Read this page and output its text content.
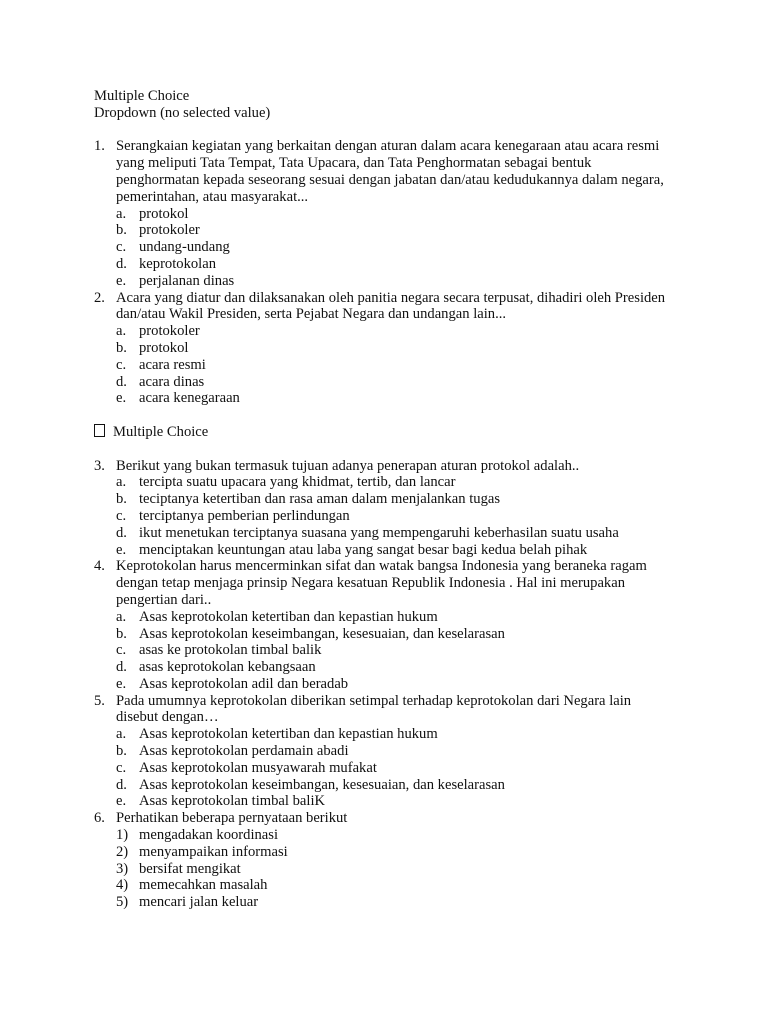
Multiple Choice
Dropdown (no selected value)
1. Serangkaian kegiatan yang berkaitan dengan aturan dalam acara kenegaraan atau acara resmi yang meliputi Tata Tempat, Tata Upacara, dan Tata Penghormatan sebagai bentuk penghormatan kepada seseorang sesuai dengan jabatan dan/atau kedudukannya dalam negara, pemerintahan, atau masyarakat...
a. protokol
b. protokoler
c. undang-undang
d. keprotokolan
e. perjalanan dinas
2. Acara yang diatur dan dilaksanakan oleh panitia negara secara terpusat, dihadiri oleh Presiden dan/atau Wakil Presiden, serta Pejabat Negara dan undangan lain...
a. protokoler
b. protokol
c. acara resmi
d. acara dinas
e. acara kenegaraan
Multiple Choice
3. Berikut yang bukan termasuk tujuan adanya penerapan aturan protokol adalah..
a. tercipta suatu upacara yang khidmat, tertib, dan lancar
b. teciptanya ketertiban dan rasa aman dalam menjalankan tugas
c. terciptanya pemberian perlindungan
d. ikut menetukan terciptanya suasana yang mempengaruhi keberhasilan suatu usaha
e. menciptakan keuntungan atau laba yang sangat besar bagi kedua belah pihak
4. Keprotokolan harus mencerminkan sifat dan watak bangsa Indonesia yang beraneka ragam dengan tetap menjaga prinsip Negara kesatuan Republik Indonesia . Hal ini merupakan pengertian dari..
a. Asas keprotokolan ketertiban dan kepastian hukum
b. Asas keprotokolan keseimbangan, kesesuaian, dan keselarasan
c. asas ke protokolan timbal balik
d. asas keprotokolan kebangsaan
e. Asas keprotokolan adil dan beradab
5. Pada umumnya keprotokolan diberikan setimpal terhadap keprotokolan dari Negara lain disebut dengan…
a. Asas keprotokolan ketertiban dan kepastian hukum
b. Asas keprotokolan perdamain abadi
c. Asas keprotokolan musyawarah mufakat
d. Asas keprotokolan keseimbangan, kesesuaian, dan keselarasan
e. Asas keprotokolan timbal baliK
6. Perhatikan beberapa pernyataan berikut
1) mengadakan koordinasi
2) menyampaikan informasi
3) bersifat mengikat
4) memecahkan masalah
5) mencari jalan keluar
